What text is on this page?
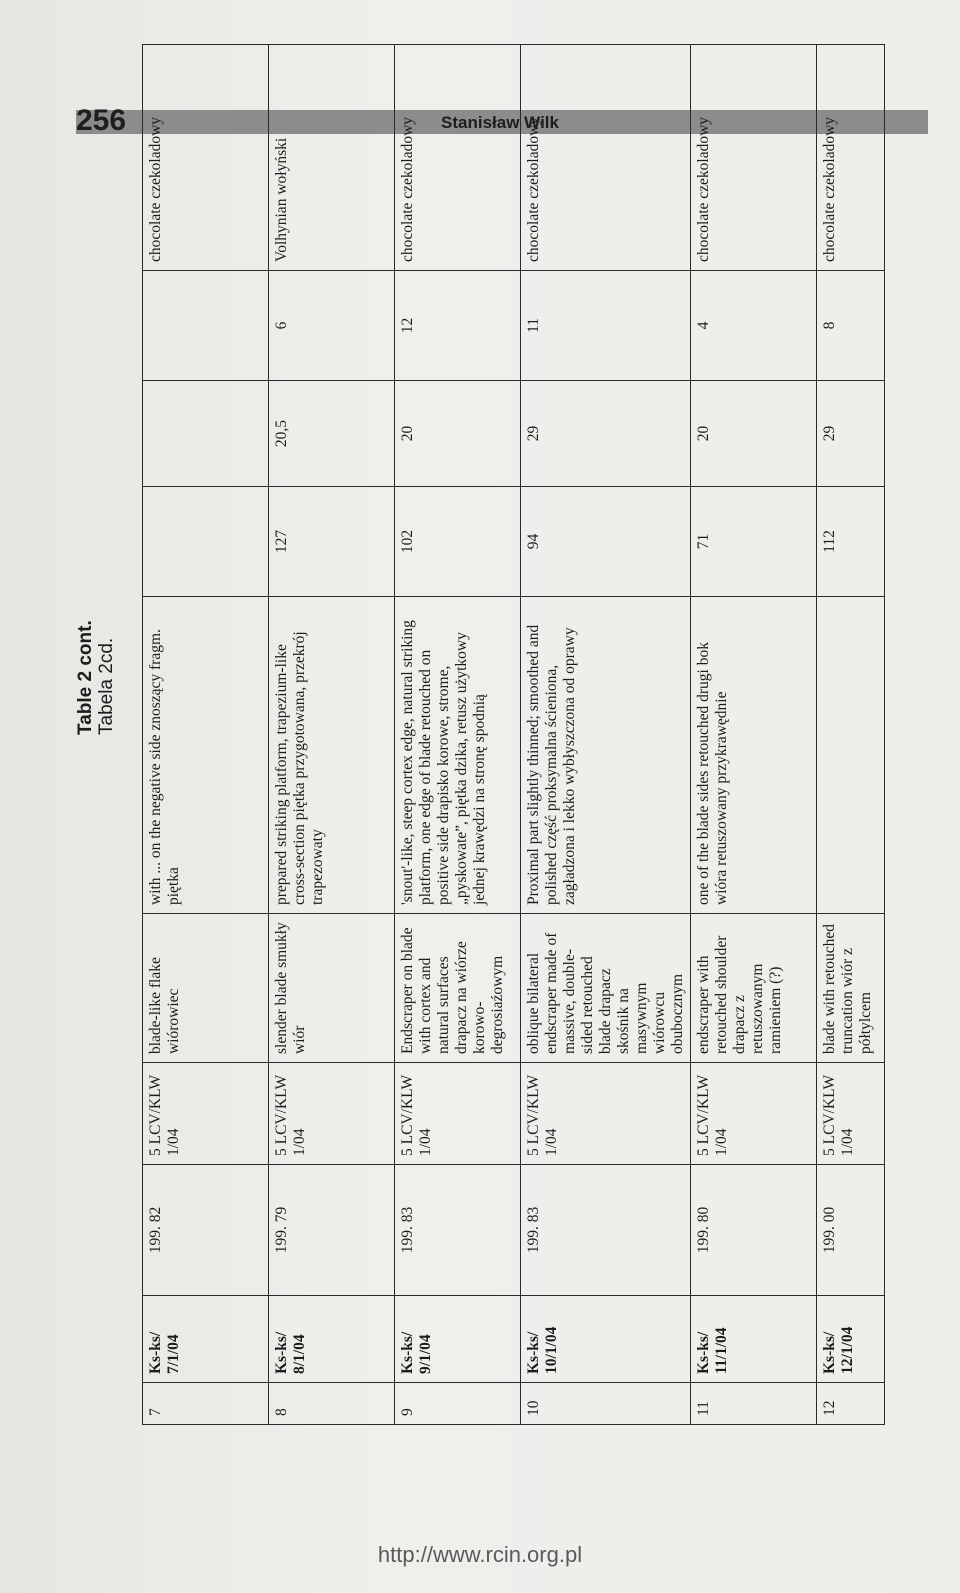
256	Stanisław Wilk
Table 2 cont. Tabela 2cd.
7	Ks-ks/ 7/1/04	199. 82	5 LCV/KLW 1/04	blade-like flake wiórowiec	with ... on the negative side znoszący fragm. piętka				chocolate czekoladowy
8	Ks-ks/ 8/1/04	199. 79	5 LCV/KLW 1/04	slender blade smukły wiór	prepared striking platform, trapezium-like cross-section piętka przygotowana, przekrój trapezowaty	127	20,5	6	Volhynian wołyński
9	Ks-ks/ 9/1/04	199. 83	5 LCV/KLW 1/04	Endscraper on blade with cortex and natural surfaces drapacz na wiórze korowo-degrosiaźowym	'snout'-like, steep cortex edge, natural striking platform, one edge of blade retouched on positive side drapisko korowe, strome, „pyskowate”, piętka dzika, retusz użytkowy jednej krawędzi na stronę spodnią	102	20	12	chocolate czekoladowy
10	Ks-ks/ 10/1/04	199. 83	5 LCV/KLW 1/04	oblique bilateral endscraper made of massive, double-sided retouched blade drapacz skośnik na masywnym wiórowcu obubocznym	Proximal part slightly thinned; smoothed and polished część proksymalna ścieniona, zagładzona i lekko wybłyszczona od oprawy	94	29	11	chocolate czekoladowy
11	Ks-ks/ 11/1/04	199. 80	5 LCV/KLW 1/04	endscraper with retouched shoulder drapacz z retuszowanym ramieniem (?)	one of the blade sides retouched drugi bok wióra retuszowany przykrawędnie	71	20	4	chocolate czekoladowy
12	Ks-ks/ 12/1/04	199. 00	5 LCV/KLW 1/04	blade with retouched truncation wiór z półtylcem		112	29	8	chocolate czekoladowy
http://www.rcin.org.pl
